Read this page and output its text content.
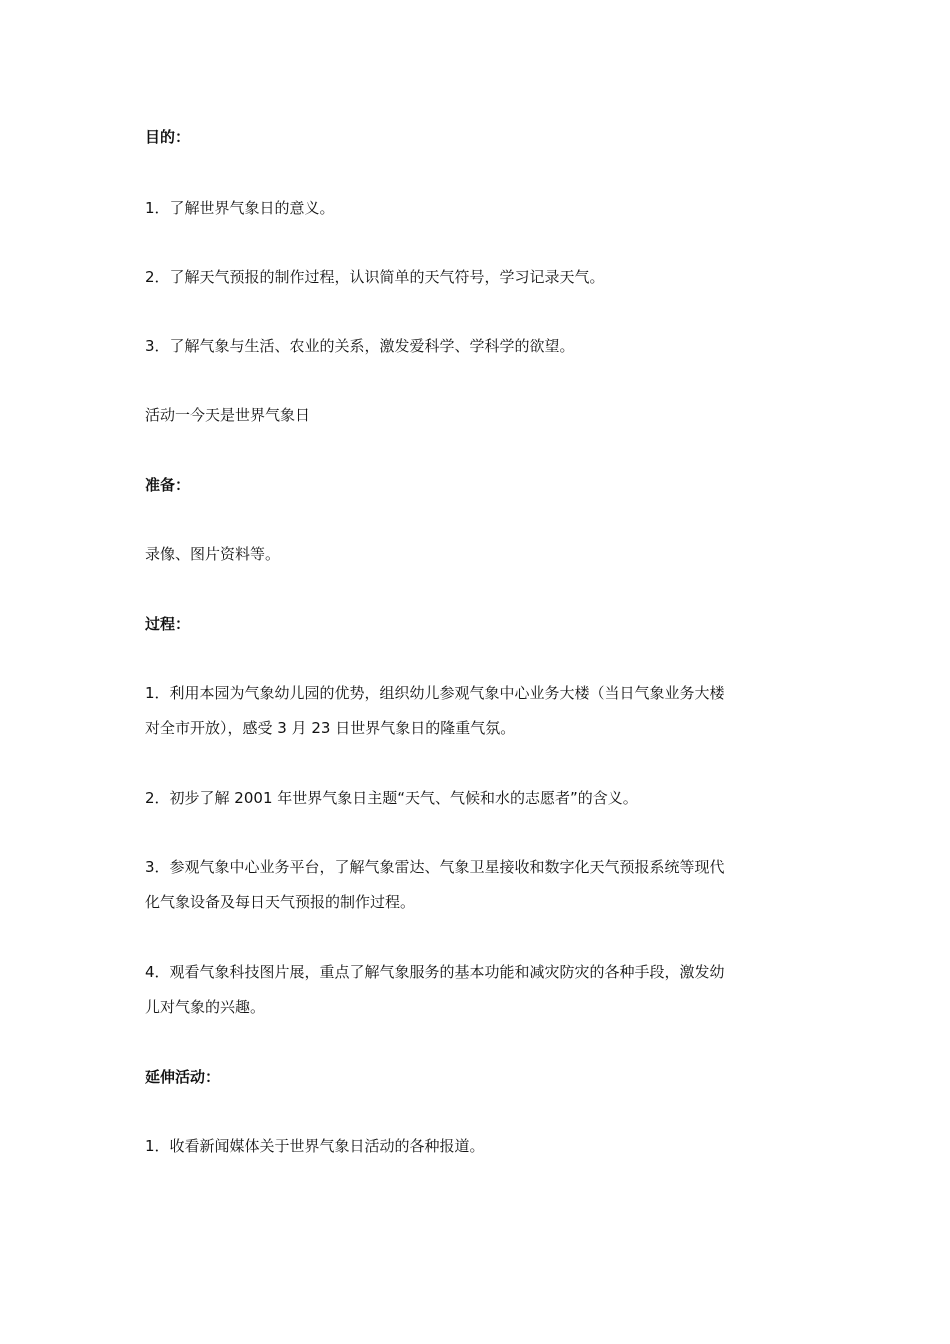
目的：

1．了解世界气象日的意义。

2．了解天气预报的制作过程，认识简单的天气符号，学习记录天气。

3．了解气象与生活、农业的关系，激发爱科学、学科学的欲望。

活动一今天是世界气象日

准备：

录像、图片资料等。

过程：

1．利用本园为气象幼儿园的优势，组织幼儿参观气象中心业务大楼（当日气象业务大楼

对全市开放），感受 3 月 23 日世界气象日的隆重气氛。

2．初步了解 2001 年世界气象日主题“天气、气候和水的志愿者”的含义。

3．参观气象中心业务平台，了解气象雷达、气象卫星接收和数字化天气预报系统等现代

化气象设备及每日天气预报的制作过程。

4．观看气象科技图片展，重点了解气象服务的基本功能和减灾防灾的各种手段，激发幼

儿对气象的兴趣。

延伸活动：

1．收看新闻媒体关于世界气象日活动的各种报道。
